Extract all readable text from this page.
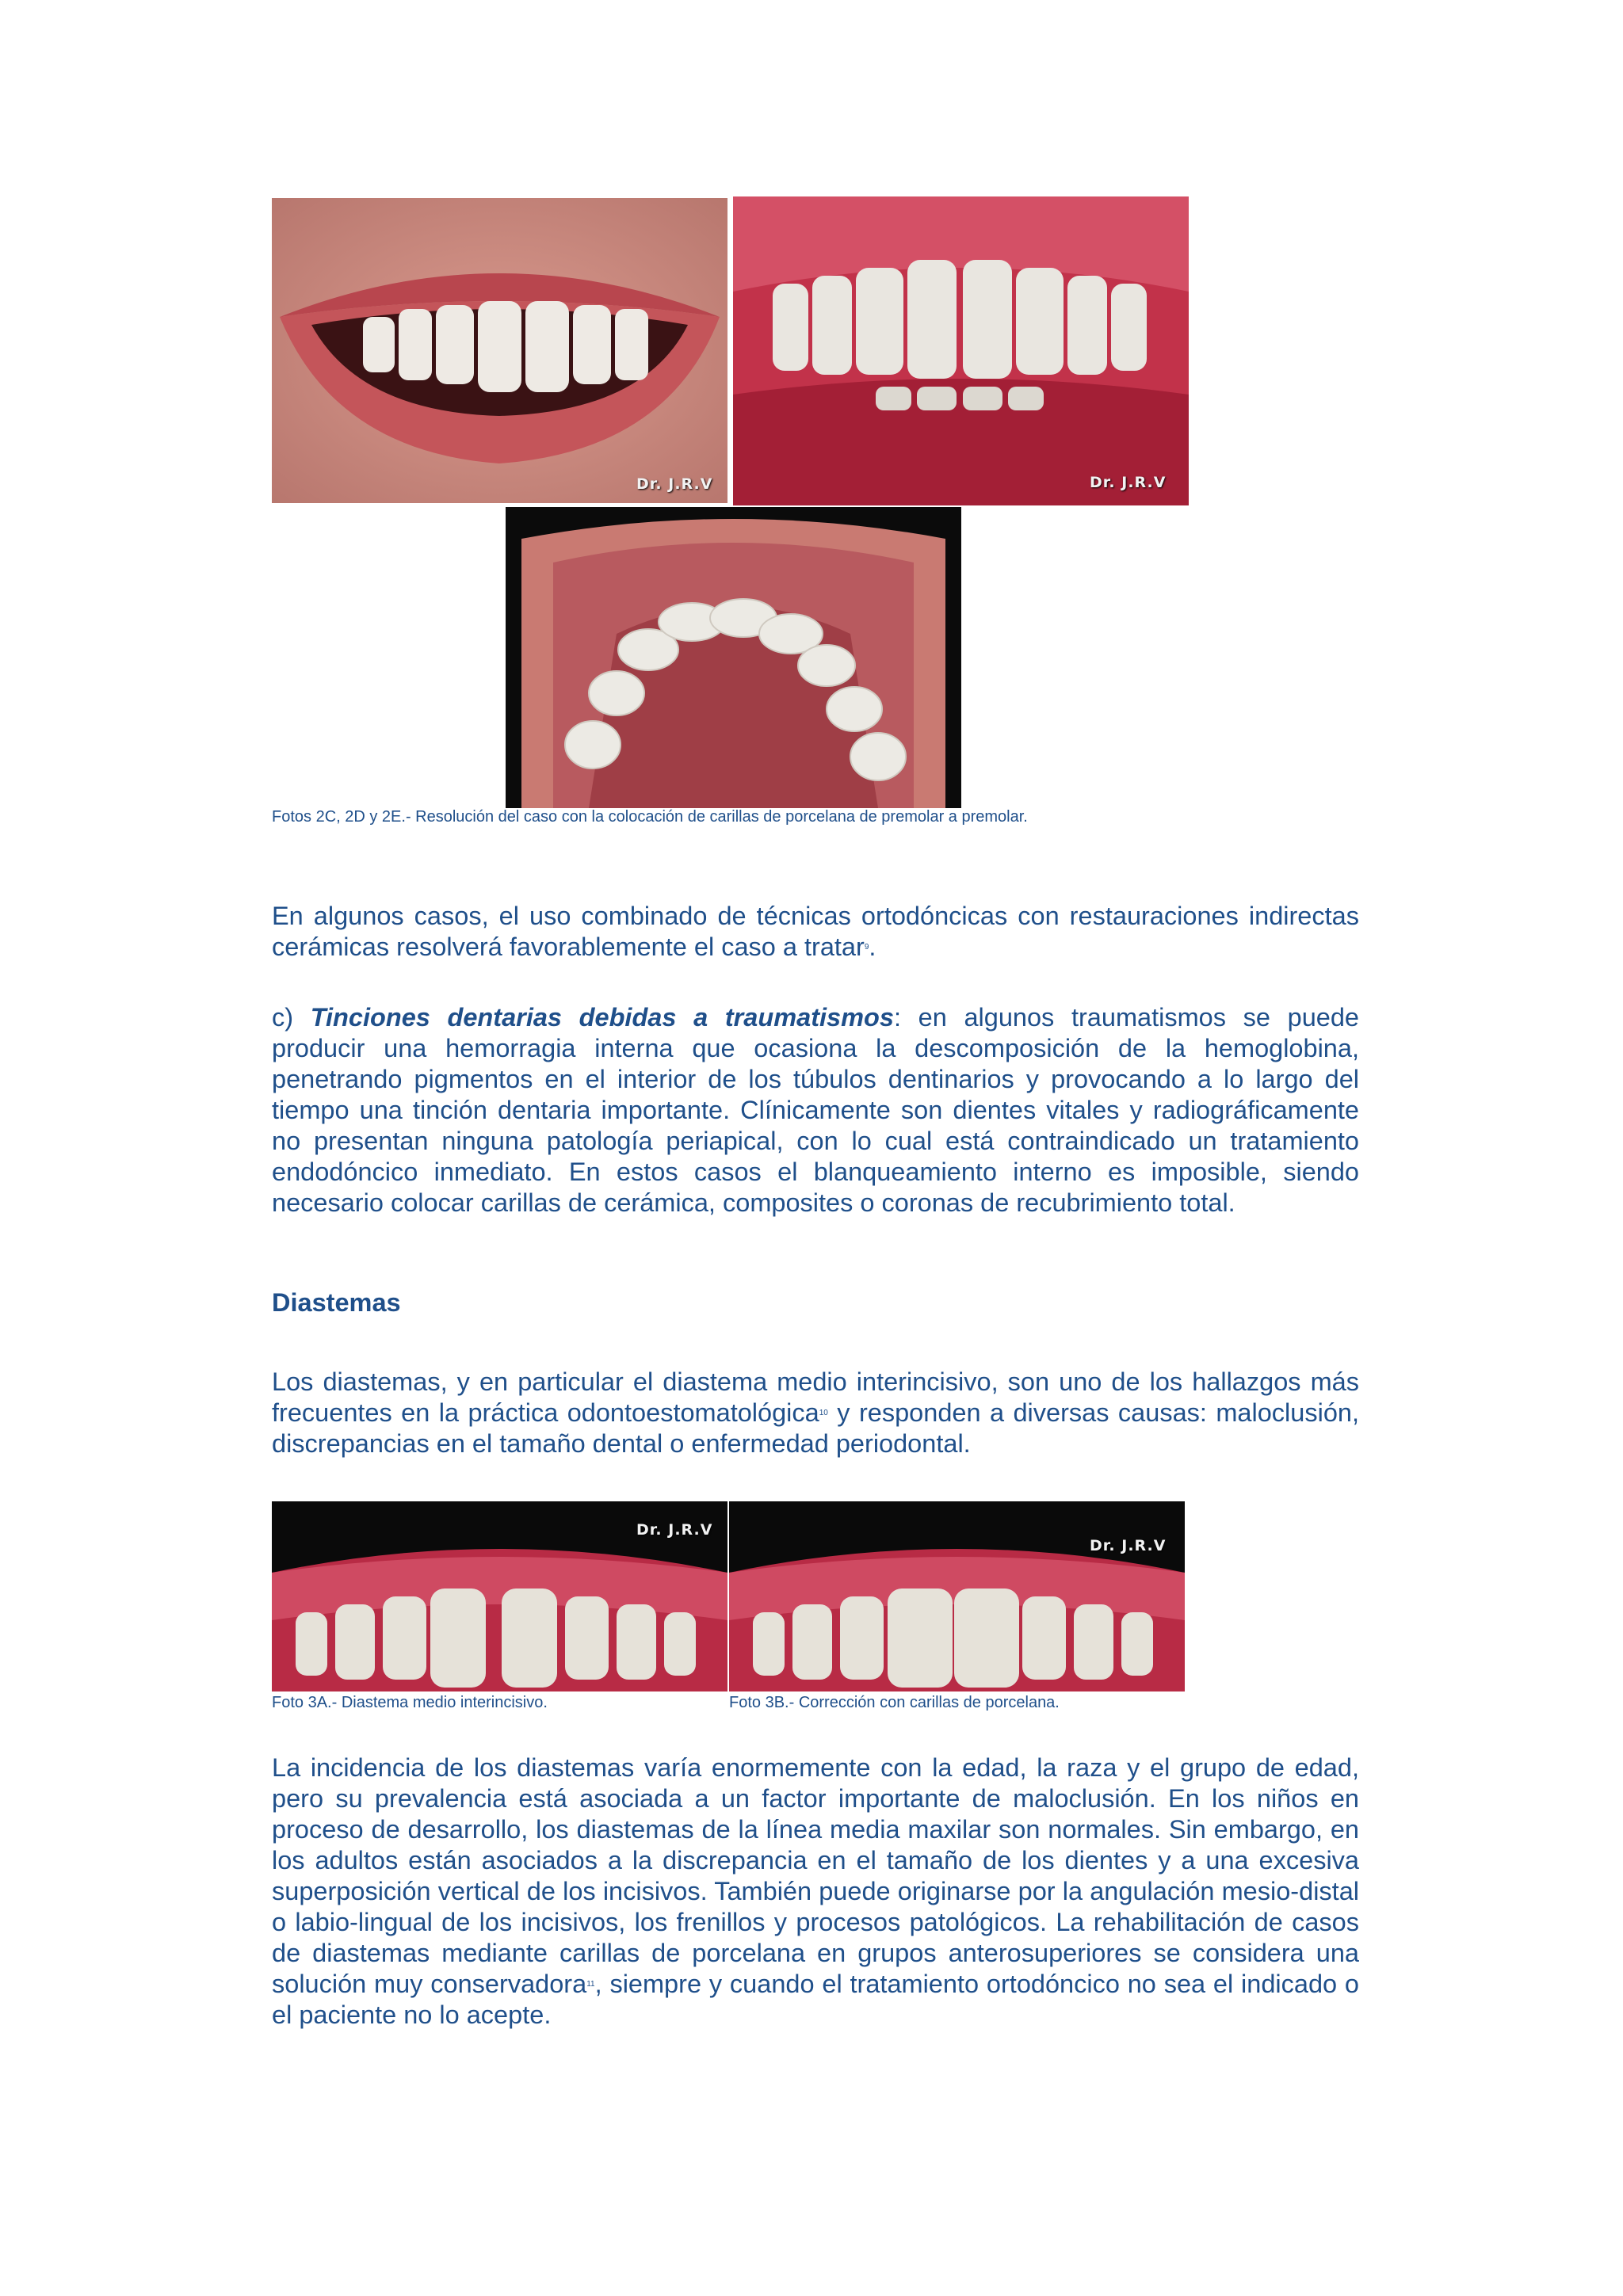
Dr. J.R.V	Dr. J.R.V
Fotos 2C, 2D y 2E.- Resolución del caso con la colocación de carillas de porcelana de premolar a premolar.

En algunos casos, el uso combinado de técnicas ortodóncicas con restauraciones indirectas cerámicas resolverá favorablemente el caso a tratar$^9$.

c) Tinciones dentarias debidas a traumatismos: en algunos traumatismos se puede producir una hemorragia interna que ocasiona la descomposición de la hemoglobina, penetrando pigmentos en el interior de los túbulos dentinarios y provocando a lo largo del tiempo una tinción dentaria importante. Clínicamente son dientes vitales y radiográficamente no presentan ninguna patología periapical, con lo cual está contraindicado un tratamiento endodóncico inmediato. En estos casos el blanqueamiento interno es imposible, siendo necesario colocar carillas de cerámica, composites o coronas de recubrimiento total.

Diastemas

Los diastemas, y en particular el diastema medio interincisivo, son uno de los hallazgos más frecuentes en la práctica odontoestomatológica$^{10}$ y responden a diversas causas: maloclusión, discrepancias en el tamaño dental o enfermedad periodontal.

Dr. J.R.V
Dr. J.R.V
Foto 3A.- Diastema medio interincisivo.	Foto 3B.- Corrección con carillas de porcelana.

La incidencia de los diastemas varía enormemente con la edad, la raza y el grupo de edad, pero su prevalencia está asociada a un factor importante de maloclusión. En los niños en proceso de desarrollo, los diastemas de la línea media maxilar son normales. Sin embargo, en los adultos están asociados a la discrepancia en el tamaño de los dientes y a una excesiva superposición vertical de los incisivos. También puede originarse por la angulación mesio-distal o labio-lingual de los incisivos, los frenillos y procesos patológicos. La rehabilitación de casos de diastemas mediante carillas de porcelana en grupos anterosuperiores se considera una solución muy conservadora$^{11}$, siempre y cuando el tratamiento ortodóncico no sea el indicado o el paciente no lo acepte.
